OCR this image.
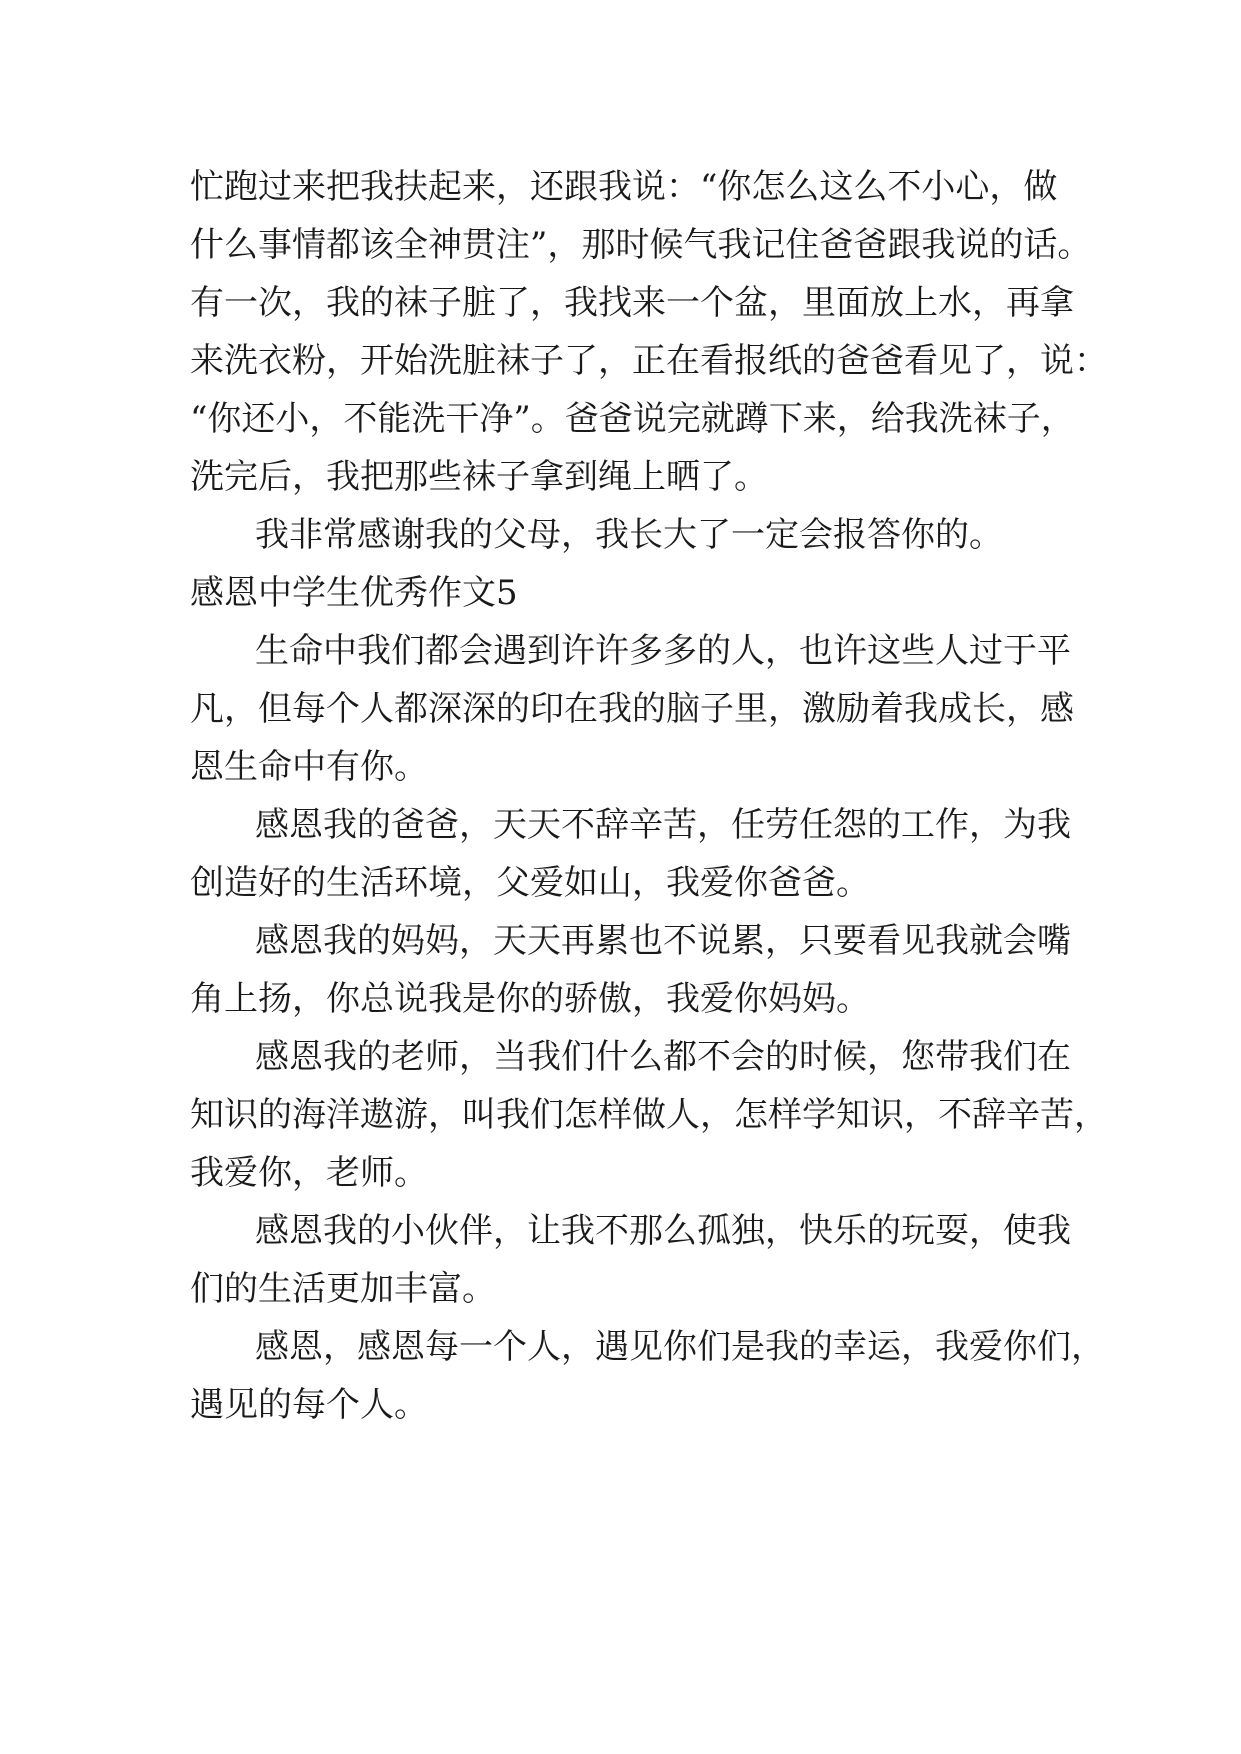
忙跑过来把我扶起来，还跟我说：“你怎么这么不小心，做
什么事情都该全神贯注”，那时候气我记住爸爸跟我说的话。
有一次，我的袜子脏了，我找来一个盆，里面放上水，再拿
来洗衣粉，开始洗脏袜子了，正在看报纸的爸爸看见了，说：
“你还小，不能洗干净”。爸爸说完就蹲下来，给我洗袜子，
洗完后，我把那些袜子拿到绳上晒了。
我非常感谢我的父母，我长大了一定会报答你的。
感恩中学生优秀作文5
生命中我们都会遇到许许多多的人，也许这些人过于平
凡，但每个人都深深的印在我的脑子里，激励着我成长，感
恩生命中有你。
感恩我的爸爸，天天不辞辛苦，任劳任怨的工作，为我
创造好的生活环境，父爱如山，我爱你爸爸。
感恩我的妈妈，天天再累也不说累，只要看见我就会嘴
角上扬，你总说我是你的骄傲，我爱你妈妈。
感恩我的老师，当我们什么都不会的时候，您带我们在
知识的海洋遨游，叫我们怎样做人，怎样学知识，不辞辛苦，
我爱你，老师。
感恩我的小伙伴，让我不那么孤独，快乐的玩耍，使我
们的生活更加丰富。
感恩，感恩每一个人，遇见你们是我的幸运，我爱你们，
遇见的每个人。
